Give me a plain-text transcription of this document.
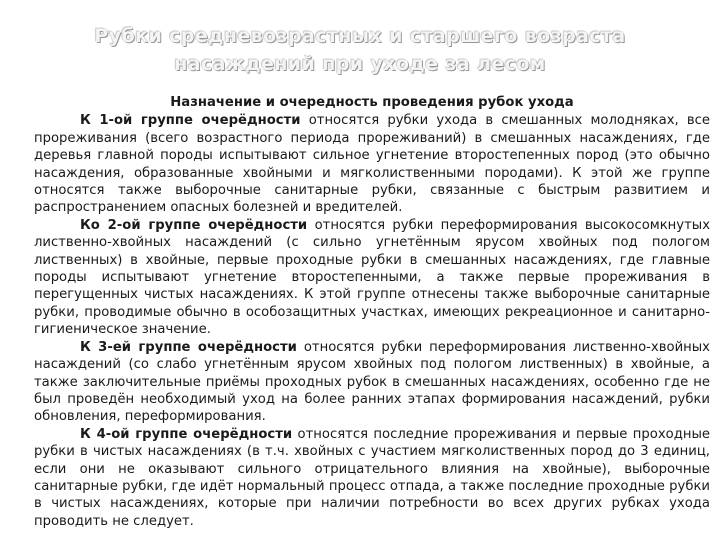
Рубки средневозрастных и старшего возраста насаждений при уходе за лесом
Назначение и очередность проведения рубок ухода

К 1-ой группе очерёдности относятся рубки ухода в смешанных молодняках, все прореживания (всего возрастного периода прореживаний) в смешанных насаждениях, где деревья главной породы испытывают сильное угнетение второстепенных пород (это обычно насаждения, образованные хвойными и мягколиственными породами). К этой же группе относятся также выборочные санитарные рубки, связанные с быстрым развитием и распространением опасных болезней и вредителей.

Ко 2-ой группе очерёдности относятся рубки переформирования высокосомкнутых лиственно-хвойных насаждений (с сильно угнетённым ярусом хвойных под пологом лиственных) в хвойные, первые проходные рубки в смешанных насаждениях, где главные породы испытывают угнетение второстепенными, а также первые прореживания в перегущенных чистых насаждениях. К этой группе отнесены также выборочные санитарные рубки, проводимые обычно в особозащитных участках, имеющих рекреационное и санитарно-гигиеническое значение.

К 3-ей группе очерёдности относятся рубки переформирования лиственно-хвойных насаждений (со слабо угнетённым ярусом хвойных под пологом лиственных) в хвойные, а также заключительные приёмы проходных рубок в смешанных насаждениях, особенно где не был проведён необходимый уход на более ранних этапах формирования насаждений, рубки обновления, переформирования.

К 4-ой группе очерёдности относятся последние прореживания и первые проходные рубки в чистых насаждениях (в т.ч. хвойных с участием мягколиственных пород до 3 единиц, если они не оказывают сильного отрицательного влияния на хвойные), выборочные санитарные рубки, где идёт нормальный процесс отпада, а также последние проходные рубки в чистых насаждениях, которые при наличии потребности во всех других рубках ухода проводить не следует.
